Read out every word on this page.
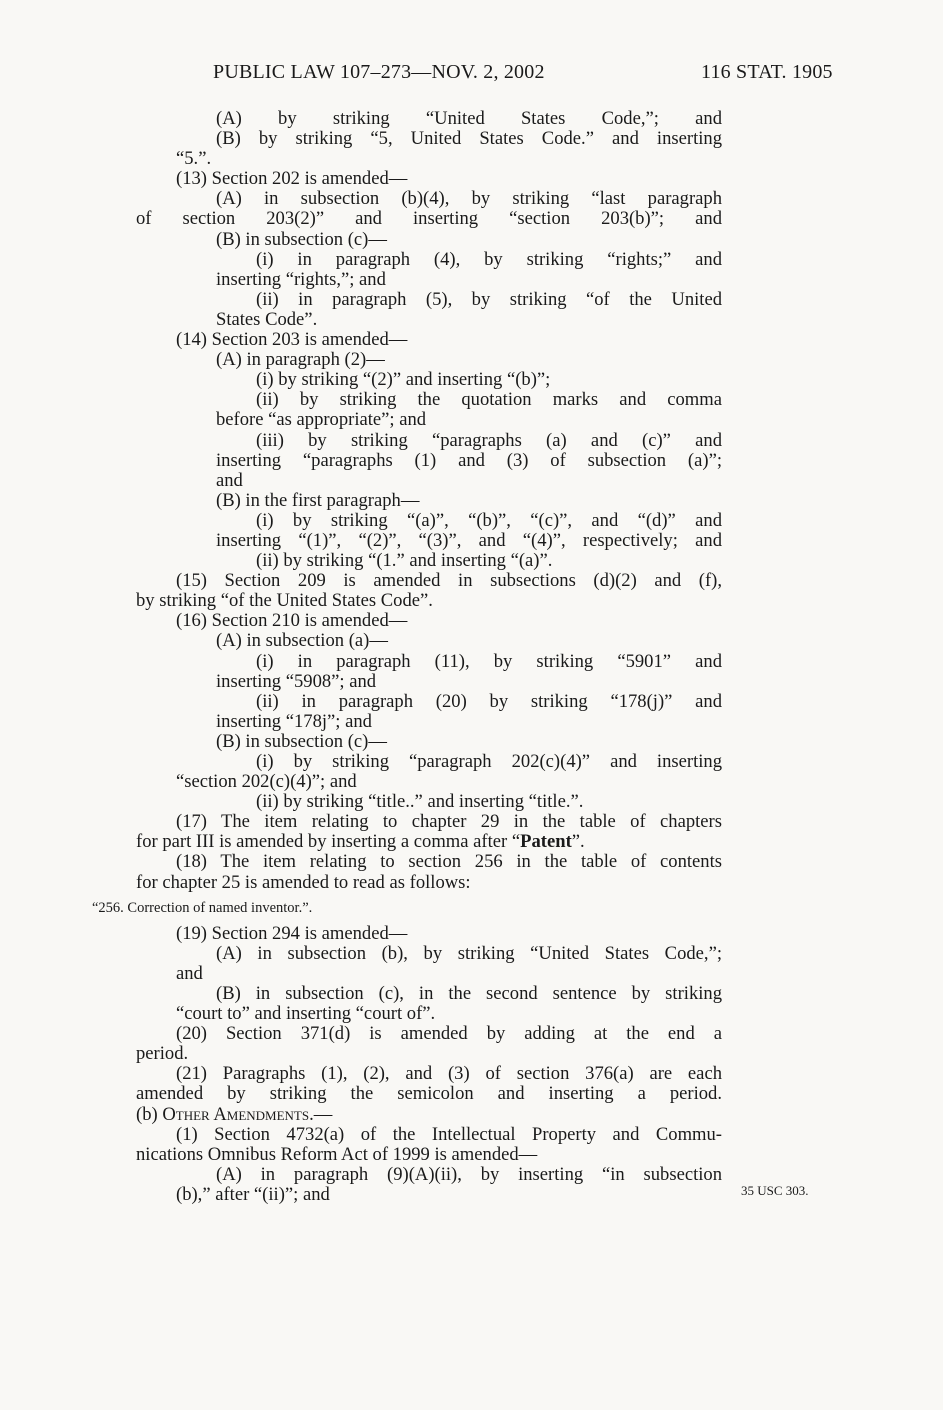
PUBLIC LAW 107–273—NOV. 2, 2002	116 STAT. 1905
(A) by striking “United States Code,”; and
(B) by striking “5, United States Code.” and inserting
“5.”.
(13) Section 202 is amended—
(A) in subsection (b)(4), by striking “last paragraph
of section 203(2)” and inserting “section 203(b)”; and
(B) in subsection (c)—
(i) in paragraph (4), by striking “rights;” and
inserting “rights,”; and
(ii) in paragraph (5), by striking “of the United
States Code”.
(14) Section 203 is amended—
(A) in paragraph (2)—
(i) by striking “(2)” and inserting “(b)”;
(ii) by striking the quotation marks and comma
before “as appropriate”; and
(iii) by striking “paragraphs (a) and (c)” and
inserting “paragraphs (1) and (3) of subsection (a)”;
and
(B) in the first paragraph—
(i) by striking “(a)”, “(b)”, “(c)”, and “(d)” and
inserting “(1)”, “(2)”, “(3)”, and “(4)”, respectively; and
(ii) by striking “(1.” and inserting “(a)”.
(15) Section 209 is amended in subsections (d)(2) and (f),
by striking “of the United States Code”.
(16) Section 210 is amended—
(A) in subsection (a)—
(i) in paragraph (11), by striking “5901” and
inserting “5908”; and
(ii) in paragraph (20) by striking “178(j)” and
inserting “178j”; and
(B) in subsection (c)—
(i) by striking “paragraph 202(c)(4)” and inserting
“section 202(c)(4)”; and
(ii) by striking “title..” and inserting “title.”.
(17) The item relating to chapter 29 in the table of chapters
for part III is amended by inserting a comma after “Patent”.
(18) The item relating to section 256 in the table of contents
for chapter 25 is amended to read as follows:
“256. Correction of named inventor.”.
(19) Section 294 is amended—
(A) in subsection (b), by striking “United States Code,”;
and
(B) in subsection (c), in the second sentence by striking
“court to” and inserting “court of”.
(20) Section 371(d) is amended by adding at the end a
period.
(21) Paragraphs (1), (2), and (3) of section 376(a) are each
amended by striking the semicolon and inserting a period.
(b) Other Amendments.—
(1) Section 4732(a) of the Intellectual Property and Commu-
nications Omnibus Reform Act of 1999 is amended—
(A) in paragraph (9)(A)(ii), by inserting “in subsection
(b),” after “(ii)”; and	35 USC 303.
